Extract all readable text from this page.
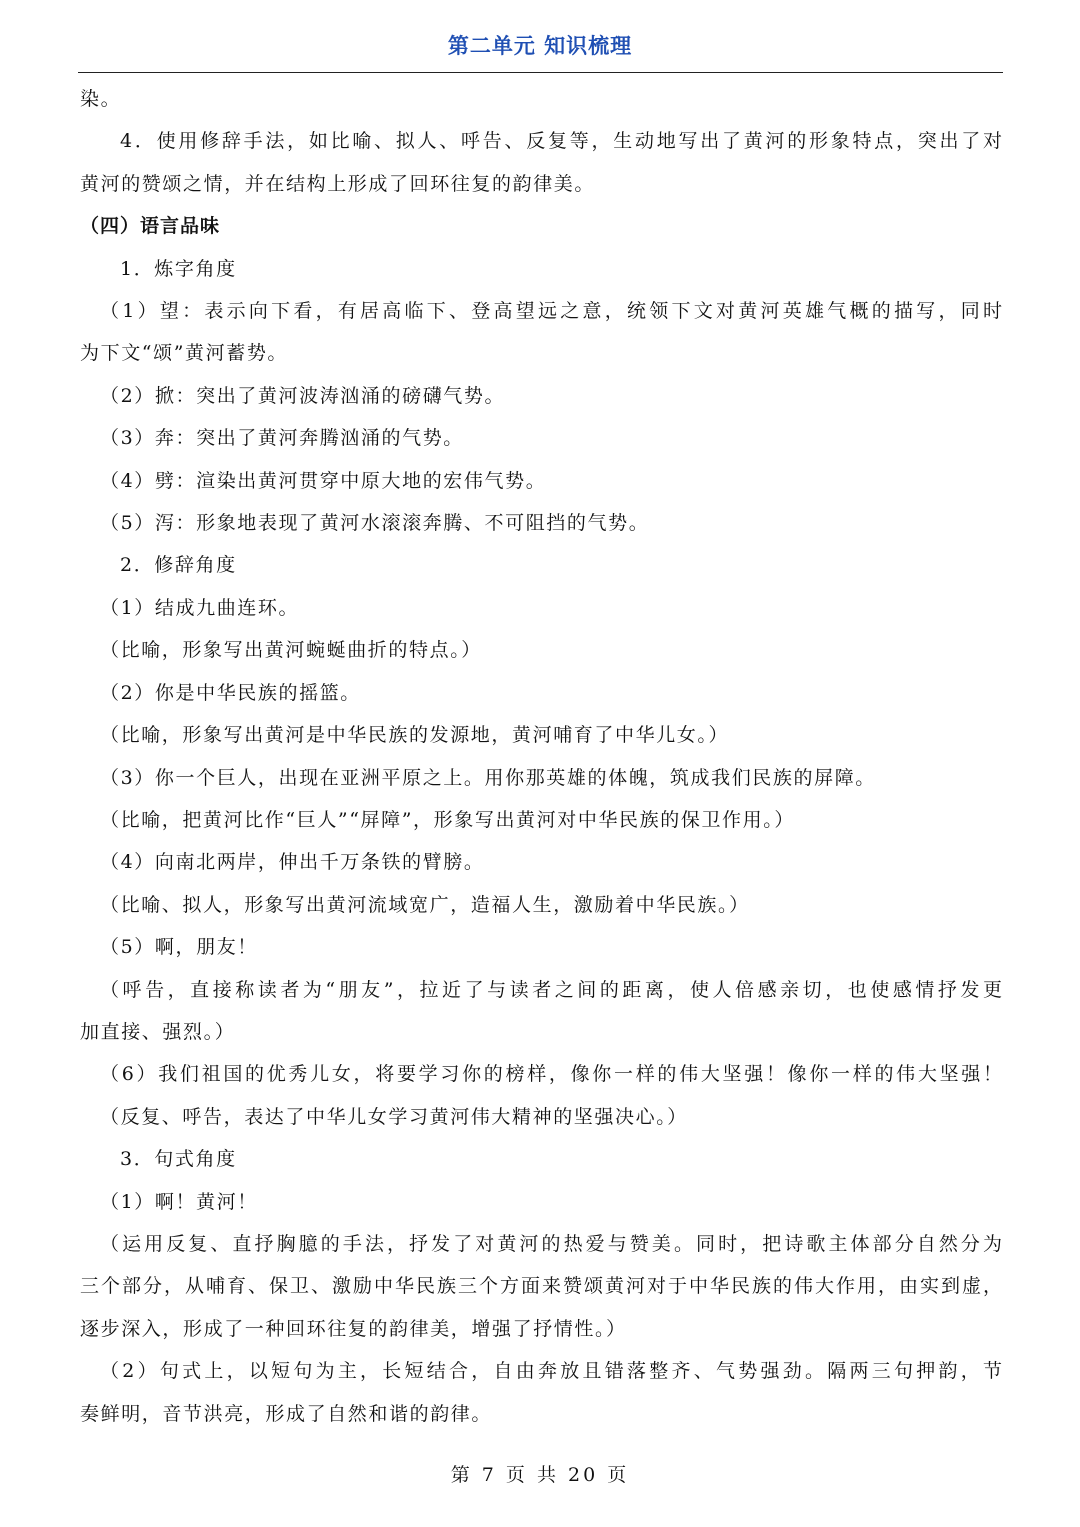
第二单元 知识梳理
染。
4．使用修辞手法，如比喻、拟人、呼告、反复等，生动地写出了黄河的形象特点，突出了对
黄河的赞颂之情，并在结构上形成了回环往复的韵律美。
（四）语言品味
1．炼字角度
（1）望：表示向下看，有居高临下、登高望远之意，统领下文对黄河英雄气概的描写，同时
为下文“颂”黄河蓄势。
（2）掀：突出了黄河波涛汹涌的磅礴气势。
（3）奔：突出了黄河奔腾汹涌的气势。
（4）劈：渲染出黄河贯穿中原大地的宏伟气势。
（5）泻：形象地表现了黄河水滚滚奔腾、不可阻挡的气势。
2．修辞角度
（1）结成九曲连环。
（比喻，形象写出黄河蜿蜒曲折的特点。）
（2）你是中华民族的摇篮。
（比喻，形象写出黄河是中华民族的发源地，黄河哺育了中华儿女。）
（3）你一个巨人，出现在亚洲平原之上。用你那英雄的体魄，筑成我们民族的屏障。
（比喻，把黄河比作“巨人”“屏障”，形象写出黄河对中华民族的保卫作用。）
（4）向南北两岸，伸出千万条铁的臂膀。
（比喻、拟人，形象写出黄河流域宽广，造福人生，激励着中华民族。）
（5）啊，朋友！
（呼告，直接称读者为“朋友”，拉近了与读者之间的距离，使人倍感亲切，也使感情抒发更
加直接、强烈。）
（6）我们祖国的优秀儿女，将要学习你的榜样，像你一样的伟大坚强！像你一样的伟大坚强！
（反复、呼告，表达了中华儿女学习黄河伟大精神的坚强决心。）
3．句式角度
（1）啊！黄河！
（运用反复、直抒胸臆的手法，抒发了对黄河的热爱与赞美。同时，把诗歌主体部分自然分为
三个部分，从哺育、保卫、激励中华民族三个方面来赞颂黄河对于中华民族的伟大作用，由实到虚，
逐步深入，形成了一种回环往复的韵律美，增强了抒情性。）
（2）句式上，以短句为主，长短结合，自由奔放且错落整齐、气势强劲。隔两三句押韵，节
奏鲜明，音节洪亮，形成了自然和谐的韵律。
第 7 页 共 20 页
